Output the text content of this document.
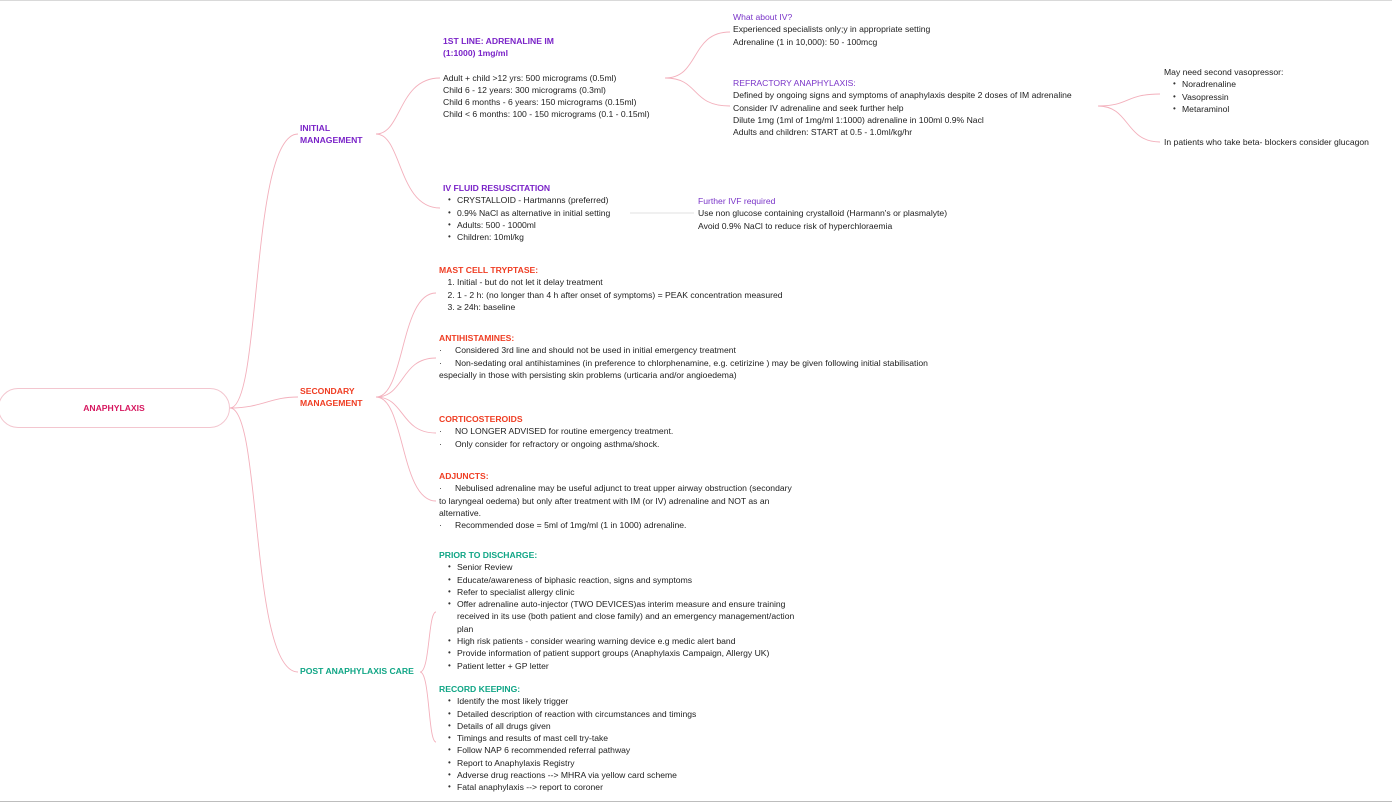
ANAPHYLAXIS
INITIAL
MANAGEMENT
SECONDARY
MANAGEMENT
POST ANAPHYLAXIS CARE
1ST LINE: ADRENALINE IM
(1:1000) 1mg/ml
Adult + child >12 yrs: 500 micrograms (0.5ml)
Child 6 - 12 years: 300 micrograms (0.3ml)
Child 6 months - 6 years: 150 micrograms (0.15ml)
Child < 6 months: 100 - 150 micrograms (0.1 - 0.15ml)
What about IV?
Experienced specialists only;y in appropriate setting
Adrenaline (1 in 10,000): 50 - 100mcg
REFRACTORY ANAPHYLAXIS:
Defined by ongoing signs and symptoms of anaphylaxis despite 2 doses of IM adrenaline
Consider IV adrenaline and seek further help
Dilute 1mg (1ml of 1mg/ml 1:1000) adrenaline in 100ml 0.9% Nacl
Adults and children: START at 0.5 - 1.0ml/kg/hr
May need second vasopressor:
• Noradrenaline
• Vasopressin
• Metaraminol
In patients who take beta- blockers consider glucagon
IV FLUID RESUSCITATION
• CRYSTALLOID - Hartmanns (preferred)
• 0.9% NaCl as alternative in initial setting
• Adults: 500 - 1000ml
• Children: 10ml/kg
Further IVF required
Use non glucose containing crystalloid (Harmann's or plasmalyte)
Avoid 0.9% NaCl to reduce risk of hyperchloraemia
MAST CELL TRYPTASE:
1. Initial - but do not let it delay treatment
2. 1 - 2 h: (no longer than 4 h after onset of symptoms) = PEAK concentration measured
3. ≥ 24h: baseline
ANTIHISTAMINES:
· Considered 3rd line and should not be used in initial emergency treatment
· Non-sedating oral antihistamines (in preference to chlorphenamine, e.g. cetirizine ) may be given following initial stabilisation
especially in those with persisting skin problems (urticaria and/or angioedema)
CORTICOSTEROIDS
· NO LONGER ADVISED for routine emergency treatment.
· Only consider for refractory or ongoing asthma/shock.
ADJUNCTS:
· Nebulised adrenaline may be useful adjunct to treat upper airway obstruction (secondary
to laryngeal oedema) but only after treatment with IM (or IV) adrenaline and NOT as an
alternative.
· Recommended dose = 5ml of 1mg/ml (1 in 1000) adrenaline.
PRIOR TO DISCHARGE:
• Senior Review
• Educate/awareness of biphasic reaction, signs and symptoms
• Refer to specialist allergy clinic
• Offer adrenaline auto-injector (TWO DEVICES)as interim measure and ensure training
received in its use (both patient and close family) and an emergency management/action
plan
• High risk patients - consider wearing warning device e.g medic alert band
• Provide information of patient support groups (Anaphylaxis Campaign, Allergy UK)
• Patient letter + GP letter
RECORD KEEPING:
• Identify the most likely trigger
• Detailed description of reaction with circumstances and timings
• Details of all drugs given
• Timings and results of mast cell try-take
• Follow NAP 6 recommended referral pathway
• Report to Anaphylaxis Registry
• Adverse drug reactions --> MHRA via yellow card scheme
• Fatal anaphylaxis --> report to coroner
